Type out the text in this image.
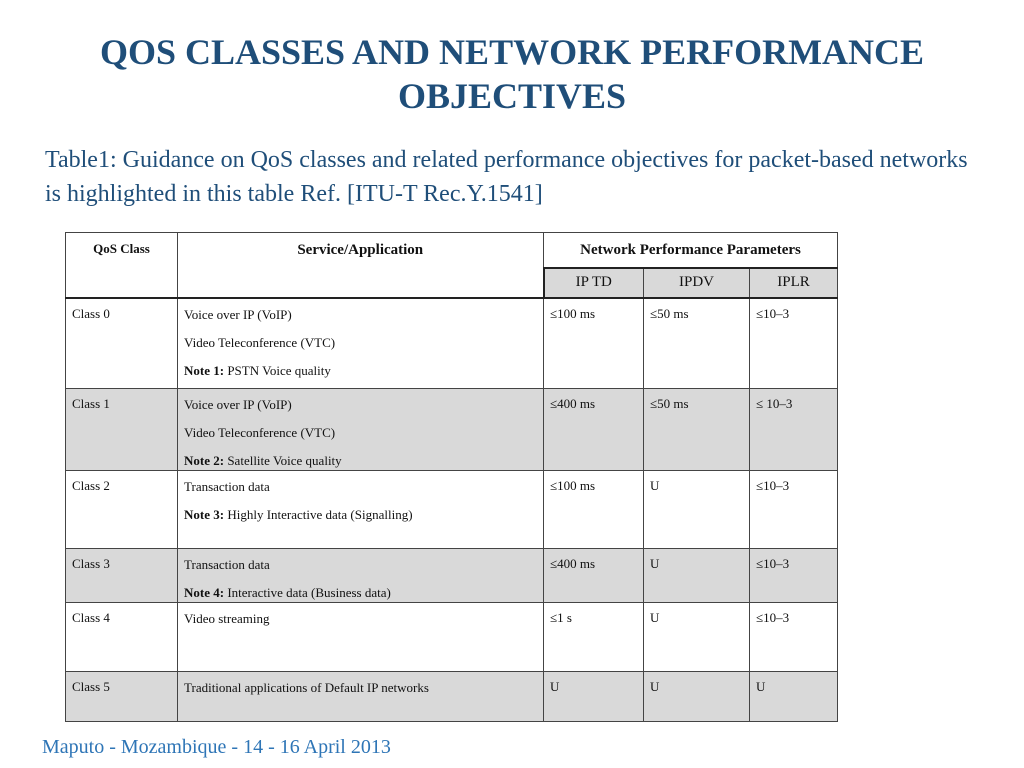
QOS CLASSES AND NETWORK PERFORMANCE OBJECTIVES

Table1: Guidance on QoS classes and related performance objectives for packet-based networks is highlighted in this table Ref. [ITU-T Rec.Y.1541]

QoS Class	Service/Application	Network Performance Parameters		
		IP TD	IPDV	IPLR
Class 0	Voice over IP (VoIP)
Video Teleconference (VTC)
Note 1: PSTN Voice quality	≤100 ms	≤50 ms	≤10–3
Class 1	Voice over IP (VoIP)
Video Teleconference (VTC)
Note 2: Satellite Voice quality	≤400 ms	≤50 ms	≤ 10–3
Class 2	Transaction data
Note 3: Highly Interactive data (Signalling)	≤100 ms	U	≤10–3
Class 3	Transaction data
Note 4: Interactive data (Business data)	≤400 ms	U	≤10–3
Class 4	Video streaming	≤1 s	U	≤10–3
Class 5	Traditional applications of Default IP networks	U	U	U

Maputo - Mozambique - 14 - 16 April 2013
